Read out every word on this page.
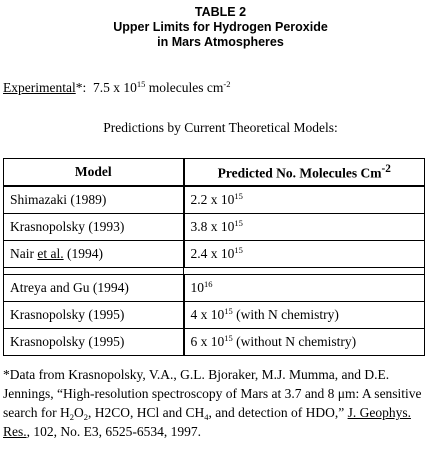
TABLE 2
Upper Limits for Hydrogen Peroxide
in Mars Atmospheres
Experimental*: 7.5 x $10^{15}$ molecules $cm^{-2}$
Predictions by Current Theoretical Models:
Model	Predicted No. Molecules $Cm^{-2}$
Shimazaki (1989)	2.2 x $10^{15}$
Krasnopolsky (1993)	3.8 x $10^{15}$
Nair et al. (1994)	2.4 x $10^{15}$

Atreya and Gu (1994)	$10^{16}$
Krasnopolsky (1995)	4 x $10^{15}$ (with N chemistry)
Krasnopolsky (1995)	6 x $10^{15}$ (without N chemistry)
*Data from Krasnopolsky, V.A., G.L. Bjoraker, M.J. Mumma, and D.E. Jennings, “High-resolution spectroscopy of Mars at 3.7 and 8 μm: A sensitive search for $H_2O_2$, H2CO, HCl and $CH_4$, and detection of HDO,” J. Geophys. Res., 102, No. E3, 6525-6534, 1997.
